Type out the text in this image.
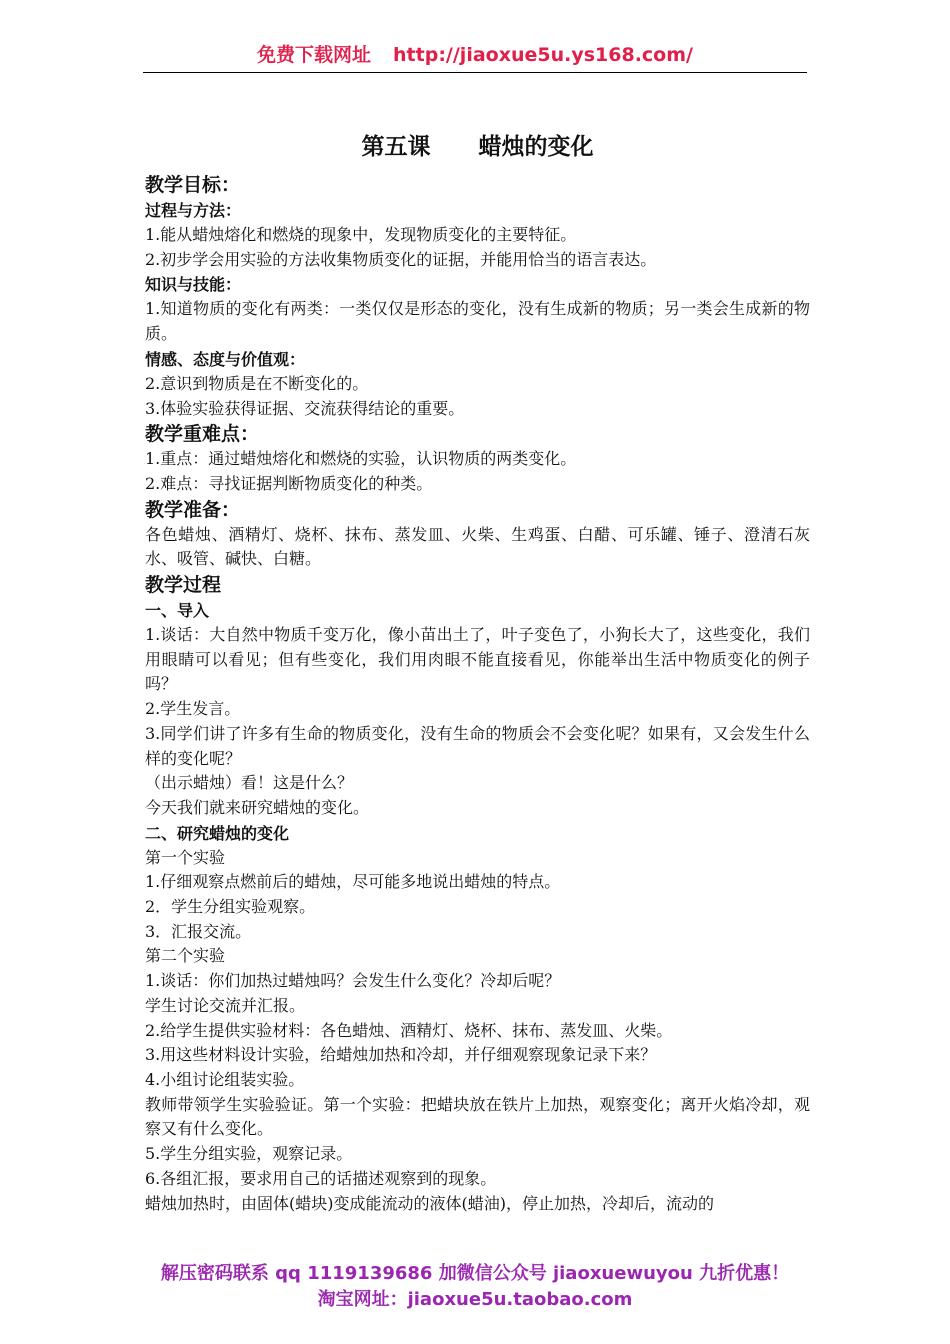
免费下载网址 http://jiaoxue5u.ys168.com/
第五课 蜡烛的变化
教学目标：
过程与方法：
1.能从蜡烛熔化和燃烧的现象中，发现物质变化的主要特征。
2.初步学会用实验的方法收集物质变化的证据，并能用恰当的语言表达。
知识与技能：
1.知道物质的变化有两类：一类仅仅是形态的变化，没有生成新的物质；另一类会生成新的物质。
情感、态度与价值观：
2.意识到物质是在不断变化的。
3.体验实验获得证据、交流获得结论的重要。
教学重难点：
1.重点：通过蜡烛熔化和燃烧的实验，认识物质的两类变化。
2.难点：寻找证据判断物质变化的种类。
教学准备：
各色蜡烛、酒精灯、烧杯、抹布、蒸发皿、火柴、生鸡蛋、白醋、可乐罐、锤子、澄清石灰水、吸管、碱快、白糖。
教学过程
一、导入
1.谈话：大自然中物质千变万化，像小苗出土了，叶子变色了，小狗长大了，这些变化，我们用眼睛可以看见；但有些变化，我们用肉眼不能直接看见，你能举出生活中物质变化的例子吗？
2.学生发言。
3.同学们讲了许多有生命的物质变化，没有生命的物质会不会变化呢？如果有，又会发生什么样的变化呢？
（出示蜡烛）看！这是什么？
今天我们就来研究蜡烛的变化。
二、研究蜡烛的变化
第一个实验
1.仔细观察点燃前后的蜡烛，尽可能多地说出蜡烛的特点。
2．学生分组实验观察。
3．汇报交流。
第二个实验
1.谈话：你们加热过蜡烛吗？会发生什么变化？冷却后呢？
学生讨论交流并汇报。
2.给学生提供实验材料：各色蜡烛、酒精灯、烧杯、抹布、蒸发皿、火柴。
3.用这些材料设计实验，给蜡烛加热和冷却，并仔细观察现象记录下来？
4.小组讨论组装实验。
教师带领学生实验验证。第一个实验：把蜡块放在铁片上加热，观察变化；离开火焰冷却，观察又有什么变化。
5.学生分组实验，观察记录。
6.各组汇报，要求用自己的话描述观察到的现象。
蜡烛加热时，由固体(蜡块)变成能流动的液体(蜡油)，停止加热，冷却后，流动的
解压密码联系 qq 1119139686 加微信公众号 jiaoxuewuyou 九折优惠！
淘宝网址：jiaoxue5u.taobao.com
